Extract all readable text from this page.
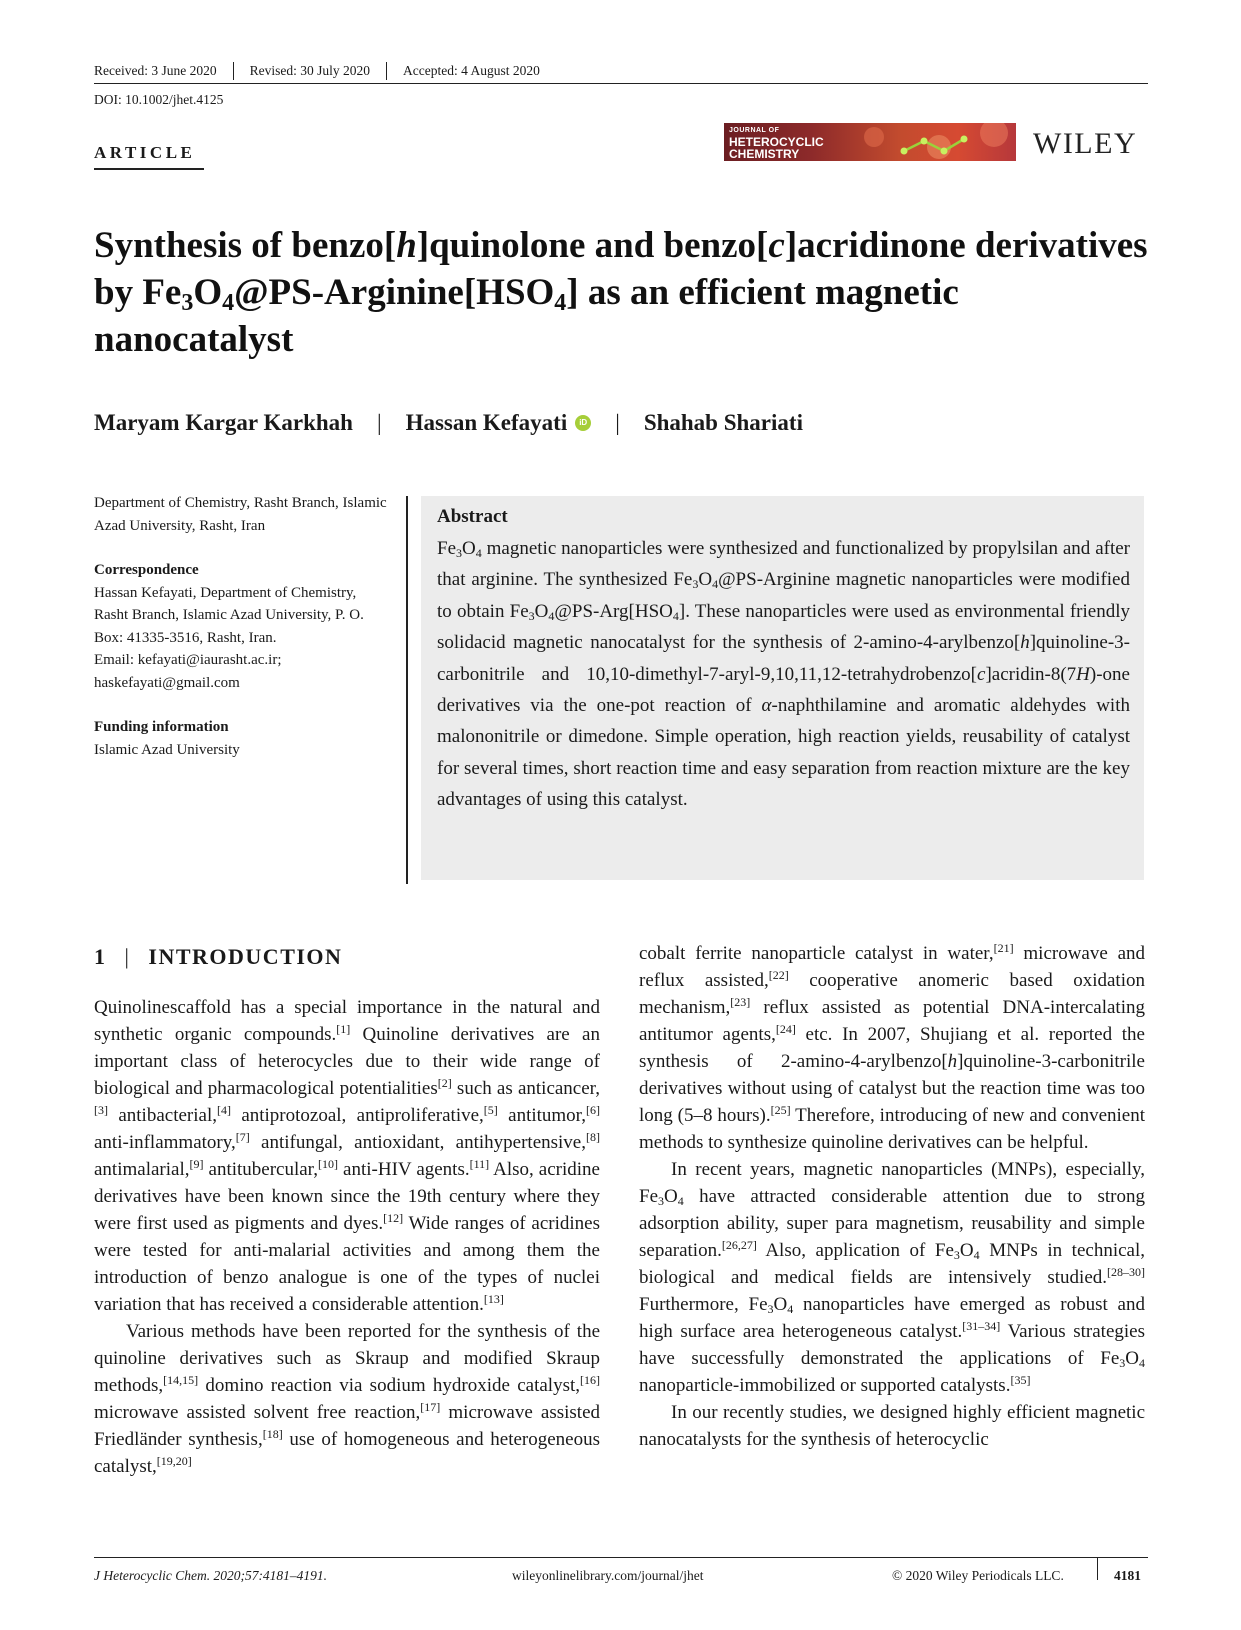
Received: 3 June 2020	Revised: 30 July 2020	Accepted: 4 August 2020
DOI: 10.1002/jhet.4125
ARTICLE
JOURNAL OF
HETEROCYCLIC
CHEMISTRY	WILEY
Synthesis of benzo[h]quinolone and benzo[c]acridinone derivatives by $Fe_3O_4@PS-Arginine[HSO_4]$ as an efficient magnetic nanocatalyst
Maryam Kargar Karkhah | Hassan Kefayati	iD | Shahab Shariati

Department of Chemistry, Rasht Branch, Islamic Azad University, Rasht, Iran

Correspondence

Hassan Kefayati, Department of Chemistry, Rasht Branch, Islamic Azad University, P. O. Box: 41335-3516, Rasht, Iran.

Email: kefayati@iaurasht.ac.ir; haskefayati@gmail.com

Funding information

Islamic Azad University

Abstract
$Fe_3O_4$ magnetic nanoparticles were synthesized and functionalized by propylsilan and after that arginine. The synthesized $Fe_3O_4@PS$-Arginine magnetic nanoparticles were modified to obtain $Fe_3O_4@PS-Arg[HSO_4]$. These nanoparticles were used as environmental friendly solidacid magnetic nanocatalyst for the synthesis of 2-amino-4-arylbenzo[h]quinoline-3-carbonitrile and 10,10-dimethyl-7-aryl-9,10,11,12-tetrahydrobenzo[c]acridin-8(7H)-one derivatives via the one-pot reaction of α-naphthilamine and aromatic aldehydes with malononitrile or dimedone. Simple operation, high reaction yields, reusability of catalyst for several times, short reaction time and easy separation from reaction mixture are the key advantages of using this catalyst.
1 | INTRODUCTION

Quinolinescaffold has a special importance in the natural and synthetic organic compounds.[1] Quinoline derivatives are an important class of heterocycles due to their wide range of biological and pharmacological potentialities[2] such as anticancer,[3] antibacterial,[4] antiprotozoal, antiproliferative,[5] antitumor,[6] anti-inflammatory,[7] antifungal, antioxidant, antihypertensive,[8] antimalarial,[9] antitubercular,[10] anti-HIV agents.[11] Also, acridine derivatives have been known since the 19th century where they were first used as pigments and dyes.[12] Wide ranges of acridines were tested for anti-malarial activities and among them the introduction of benzo analogue is one of the types of nuclei variation that has received a considerable attention.[13]

Various methods have been reported for the synthesis of the quinoline derivatives such as Skraup and modified Skraup methods,[14,15] domino reaction via sodium hydroxide catalyst,[16] microwave assisted solvent free reaction,[17] microwave assisted Friedländer synthesis,[18] use of homogeneous and heterogeneous catalyst,[19,20]

cobalt ferrite nanoparticle catalyst in water,[21] microwave and reflux assisted,[22] cooperative anomeric based oxidation mechanism,[23] reflux assisted as potential DNA-intercalating antitumor agents,[24] etc. In 2007, Shujiang et al. reported the synthesis of 2-amino-4-arylbenzo[h]quinoline-3-carbonitrile derivatives without using of catalyst but the reaction time was too long (5–8 hours).[25] Therefore, introducing of new and convenient methods to synthesize quinoline derivatives can be helpful.

In recent years, magnetic nanoparticles (MNPs), especially, $Fe_3O_4$ have attracted considerable attention due to strong adsorption ability, super para magnetism, reusability and simple separation.[26,27] Also, application of $Fe_3O_4$ MNPs in technical, biological and medical fields are intensively studied.[28–30] Furthermore, $Fe_3O_4$ nanoparticles have emerged as robust and high surface area heterogeneous catalyst.[31–34] Various strategies have successfully demonstrated the applications of $Fe_3O_4$ nanoparticle-immobilized or supported catalysts.[35]

In our recently studies, we designed highly efficient magnetic nanocatalysts for the synthesis of heterocyclic

J Heterocyclic Chem. 2020;57:4181–4191.	wileyonlinelibrary.com/journal/jhet	© 2020 Wiley Periodicals LLC.	4181
